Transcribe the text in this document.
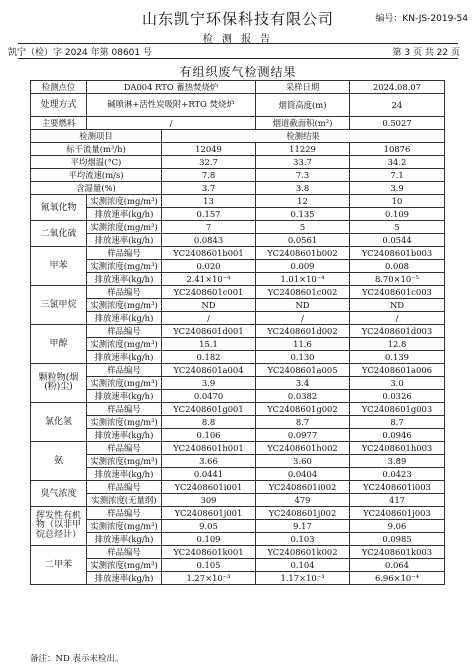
山东凯宁环保科技有限公司	编号：KN-JS-2019-54
检 测 报 告
凯宁（检）字 2024 年第 08601 号	第 3 页 共 22 页
有组织废气检测结果
检测点位	DA004 RTO 蓄热焚烧炉		采样日期	2024.08.07
处理方式	碱喷淋+活性炭吸附+RTO 焚烧炉		烟筒高度(m)	24
主要燃料	/		烟道截面积(m²)	0.5027
检测项目		检测结果		
标干流量(m³/h)		12049	11229	10876
平均烟温(°C)		32.7	33.7	34.2
平均流速(m/s)		7.8	7.3	7.1
含湿量(%)		3.7	3.8	3.9
氮氧化物	实测浓度(mg/m³)	13	12	10
	排放速率(kg/h)	0.157	0.135	0.109
二氧化硫	实测浓度(mg/m³)	7	5	5
	排放速率(kg/h)	0.0843	0.0561	0.0544
甲苯	样品编号	YC2408601b001	YC2408601b002	YC2408601b003
	实测浓度(mg/m³)	0.020	0.009	0.008
	排放速率(kg/h)	2.41×10⁻⁴	1.01×10⁻⁴	8.70×10⁻⁵
三氯甲烷	样品编号	YC2408601c001	YC2408601c002	YC2408601c003
	实测浓度(mg/m³)	ND	ND	ND
	排放速率(kg/h)	/	/	/
甲醇	样品编号	YC2408601d001	YC2408601d002	YC2408601d003
	实测浓度(mg/m³)	15.1	11.6	12.8
	排放速率(kg/h)	0.182	0.130	0.139
颗粒物(烟(粉)尘)	样品编号	YC2408601a004	YC2408601a005	YC2408601a006
	实测浓度(mg/m³)	3.9	3.4	3.0
	排放速率(kg/h)	0.0470	0.0382	0.0326
氯化氢	样品编号	YC2408601g001	YC2408601g002	YC2408601g003
	实测浓度(mg/m³)	8.8	8.7	8.7
	排放速率(kg/h)	0.106	0.0977	0.0946
氨	样品编号	YC2408601h001	YC2408601h002	YC2408601h003
	实测浓度(mg/m³)	3.66	3.60	3.89
	排放速率(kg/h)	0.0441	0.0404	0.0423
臭气浓度	样品编号	YC2408601i001	YC2408601i002	YC2408601i003
	实测浓度(无量纲)	309	479	417
挥发性有机物（以非甲烷总烃计）	样品编号	YC2408601j001	YC2408601j002	YC2408601j003
	实测浓度(mg/m³)	9.05	9.17	9.06
	排放速率(kg/h)	0.109	0.103	0.0985
二甲苯	样品编号	YC2408601k001	YC2408601k002	YC2408601k003
	实测浓度(mg/m³)	0.105	0.104	0.064
	排放速率(kg/h)	1.27×10⁻³	1.17×10⁻³	6.96×10⁻⁴
备注：ND 表示未检出。
